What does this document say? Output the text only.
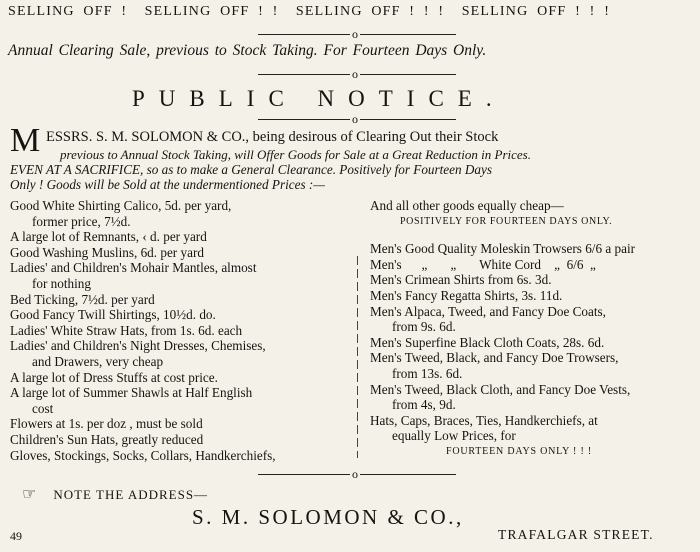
SELLING OFF !  SELLING OFF ! !  SELLING OFF ! ! !  SELLING OFF ! ! !
o
Annual Clearing Sale, previous to Stock Taking. For Fourteen Days Only.
o
PUBLIC NOTICE.
o
M ESSRS. S. M. SOLOMON & CO., being desirous of Clearing Out their Stock
previous to Annual Stock Taking, will Offer Goods for Sale at a Great Reduction in Prices.
EVEN AT A SACRIFICE, so as to make a General Clearance. Positively for Fourteen Days
Only ! Goods will be Sold at the undermentioned Prices :—
Good White Shirting Calico, 5d. per yard,
former price, 7½d.
A large lot of Remnants, ‹ d. per yard
Good Washing Muslins, 6d. per yard
Ladies' and Children's Mohair Mantles, almost
for nothing
Bed Ticking, 7½d. per yard
Good Fancy Twill Shirtings, 10½d. do.
Ladies' White Straw Hats, from 1s. 6d. each
Ladies' and Children's Night Dresses, Chemises,
and Drawers, very cheap
A large lot of Dress Stuffs at cost price.
A large lot of Summer Shawls at Half English
cost
Flowers at 1s. per doz , must be sold
Children's Sun Hats, greatly reduced
Gloves, Stockings, Socks, Collars, Handkerchiefs,
And all other goods equally cheap—
POSITIVELY FOR FOURTEEN DAYS ONLY.
Men's Good Quality Moleskin Trowsers 6/6 a pair
Men's      „       „       White Cord    „  6/6  „
Men's Crimean Shirts from 6s. 3d.
Men's Fancy Regatta Shirts, 3s. 11d.
Men's Alpaca, Tweed, and Fancy Doe Coats,
from 9s. 6d.
Men's Superfine Black Cloth Coats, 28s. 6d.
Men's Tweed, Black, and Fancy Doe Trowsers,
from 13s. 6d.
Men's Tweed, Black Cloth, and Fancy Doe Vests,
from 4s, 9d.
Hats, Caps, Braces, Ties, Handkerchiefs, at
equally Low Prices, for
FOURTEEN DAYS ONLY ! ! !
o
☞ NOTE THE ADDRESS—
S. M. SOLOMON & CO.,
49	TRAFALGAR STREET.
